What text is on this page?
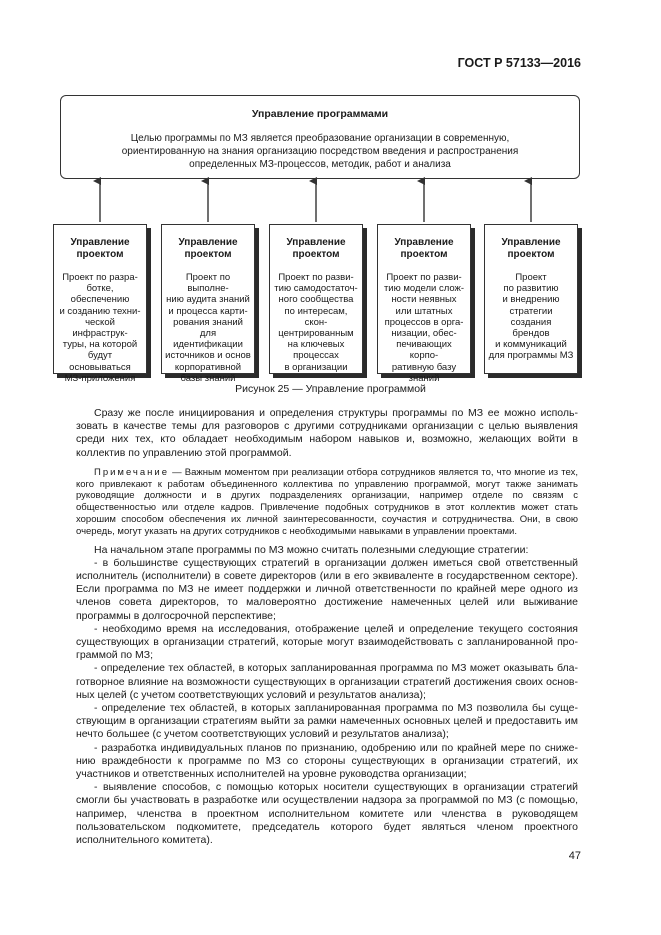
ГОСТ Р 57133—2016
Управление программами
Целью программы по МЗ является преобразование организации в современную, ориентированную на знания организацию посредством введения и распространения определенных МЗ-процессов, методик, работ и анализа
Управление проектом
Проект по разра-
ботке, обеспечению
и созданию техни-
ческой инфраструк-
туры, на которой
будут основываться
МЗ-приложения
Управление проектом
Проект по выполне-
нию аудита знаний
и процесса карти-
рования знаний для
идентификации
источников и основ
корпоративной
базы знаний
Управление проектом
Проект по разви-
тию самодостаточ-
ного сообщества
по интересам, скон-
центрированным
на ключевых
процессах
в организации
Управление проектом
Проект по разви-
тию модели слож-
ности неявных
или штатных
процессов в орга-
низации, обес-
печивающих корпо-
ративную базу
знаний
Управление проектом
Проект
по развитию
и внедрению
стратегии создания
брендов
и коммуникаций
для программы МЗ
Рисунок 25 — Управление программой

Сразу же после инициирования и определения структуры программы по МЗ ее можно использовать в качестве темы для разговоров с другими сотрудниками организации с целью выявления среди них тех, кто обладает необходимым набором навыков и, возможно, желающих войти в коллектив по управлению этой программой.

Примечание — Важным моментом при реализации отбора сотрудников является то, что многие из тех, кого привлекают к работам объединенного коллектива по управлению программой, могут также занимать руководящие должности и в других подразделениях организации, например отделе по связям с общественностью или отделе кадров. Привлечение подобных сотрудников в этот коллектив может стать хорошим способом обеспечения их личной заинтересованности, соучастия и сотрудничества. Они, в свою очередь, могут указать на других сотрудников с необходимыми навыками в управлении проектами.

На начальном этапе программы по МЗ можно считать полезными следующие стратегии:

- в большинстве существующих стратегий в организации должен иметься свой ответственный исполнитель (исполнители) в совете директоров (или в его эквиваленте в государственном секторе). Если программа по МЗ не имеет поддержки и личной ответственности по крайней мере одного из членов совета директоров, то маловероятно достижение намеченных целей или выживание программы в долгосрочной перспективе;

- необходимо время на исследования, отображение целей и определение текущего состояния существующих в организации стратегий, которые могут взаимодействовать с запланированной программой по МЗ;

- определение тех областей, в которых запланированная программа по МЗ может оказывать благотворное влияние на возможности существующих в организации стратегий достижения своих основных целей (с учетом соответствующих условий и результатов анализа);

- определение тех областей, в которых запланированная программа по МЗ позволила бы существующим в организации стратегиям выйти за рамки намеченных основных целей и предоставить им нечто большее (с учетом соответствующих условий и результатов анализа);

- разработка индивидуальных планов по признанию, одобрению или по крайней мере по снижению враждебности к программе по МЗ со стороны существующих в организации стратегий, их участников и ответственных исполнителей на уровне руководства организации;

- выявление способов, с помощью которых носители существующих в организации стратегий смогли бы участвовать в разработке или осуществлении надзора за программой по МЗ (с помощью, например, членства в проектном исполнительном комитете или членства в руководящем пользовательском подкомитете, председатель которого будет являться членом проектного исполнительного комитета).

47
